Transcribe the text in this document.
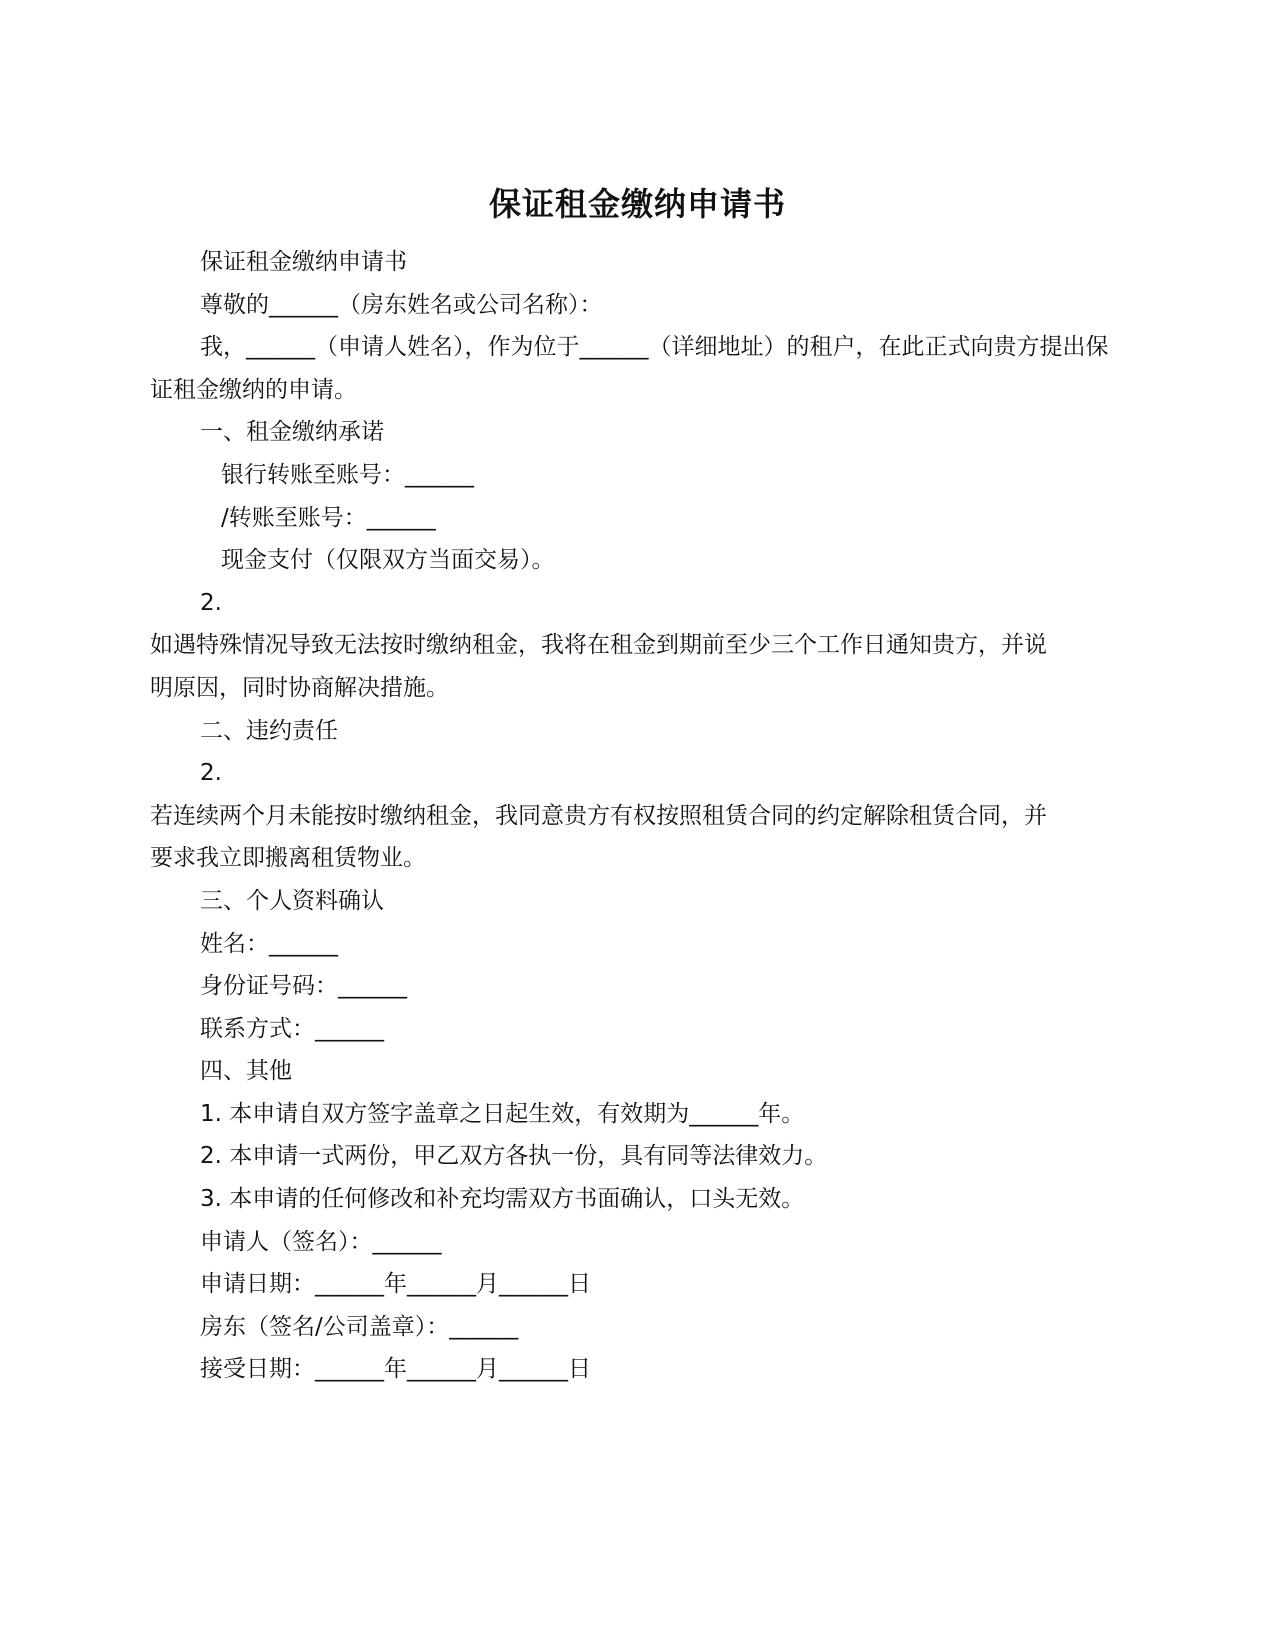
保证租金缴纳申请书

保证租金缴纳申请书

尊敬的______（房东姓名或公司名称）：

我，______（申请人姓名），作为位于______（详细地址）的租户，在此正式向贵方提出保证租金缴纳的申请。

一、租金缴纳承诺

银行转账至账号：______

/转账至账号：______

现金支付（仅限双方当面交易）。

2.

如遇特殊情况导致无法按时缴纳租金，我将在租金到期前至少三个工作日通知贵方，并说

明原因，同时协商解决措施。

二、违约责任

2.

若连续两个月未能按时缴纳租金，我同意贵方有权按照租赁合同的约定解除租赁合同，并

要求我立即搬离租赁物业。

三、个人资料确认

姓名：______

身份证号码：______

联系方式：______

四、其他

1. 本申请自双方签字盖章之日起生效，有效期为______年。

2. 本申请一式两份，甲乙双方各执一份，具有同等法律效力。

3. 本申请的任何修改和补充均需双方书面确认，口头无效。

申请人（签名）：______

申请日期：______年______月______日

房东（签名/公司盖章）：______

接受日期：______年______月______日
